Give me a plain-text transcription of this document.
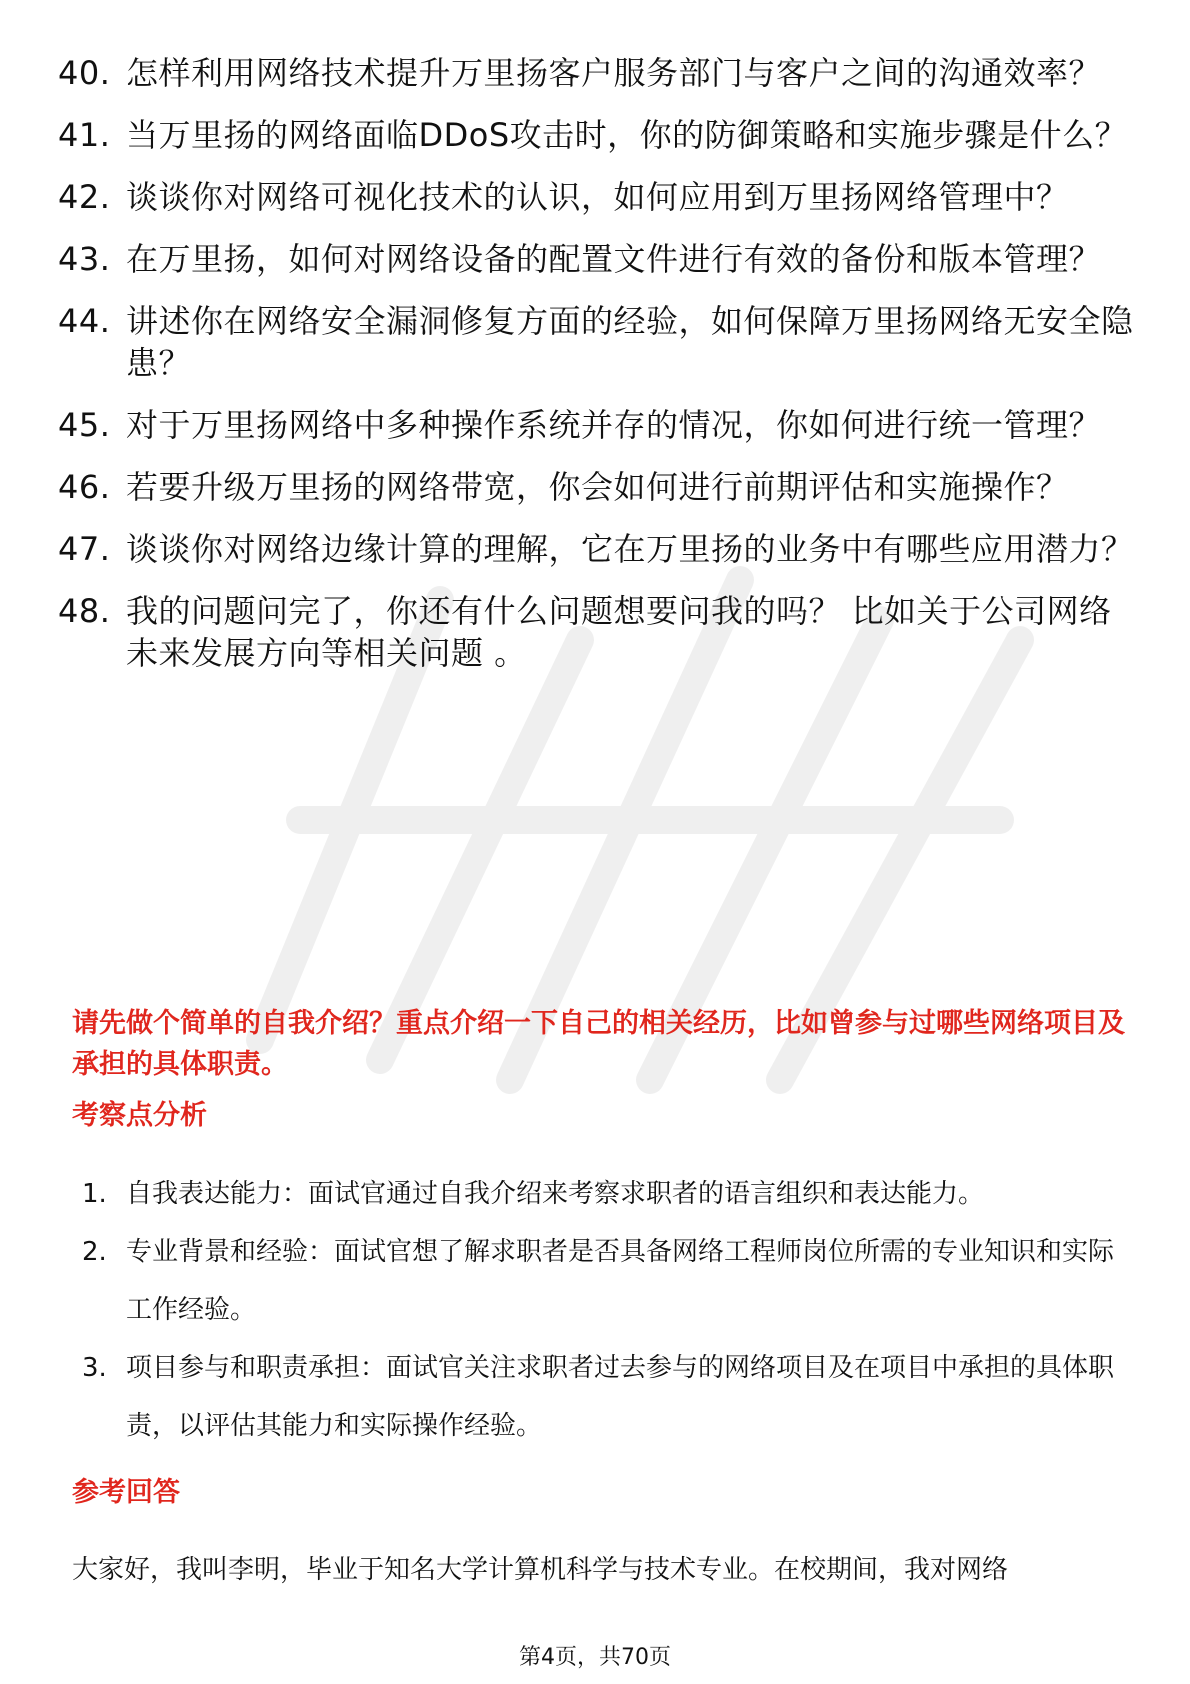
40. 怎样利用网络技术提升万里扬客户服务部门与客户之间的沟通效率？
41. 当万里扬的网络面临DDoS攻击时，你的防御策略和实施步骤是什么？
42. 谈谈你对网络可视化技术的认识，如何应用到万里扬网络管理中？
43. 在万里扬，如何对网络设备的配置文件进行有效的备份和版本管理？
44. 讲述你在网络安全漏洞修复方面的经验，如何保障万里扬网络无安全隐患？
45. 对于万里扬网络中多种操作系统并存的情况，你如何进行统一管理？
46. 若要升级万里扬的网络带宽，你会如何进行前期评估和实施操作？
47. 谈谈你对网络边缘计算的理解，它在万里扬的业务中有哪些应用潜力？
48. 我的问题问完了，你还有什么问题想要问我的吗？ 比如关于公司网络未来发展方向等相关问题 。
请先做个简单的自我介绍？重点介绍一下自己的相关经历，比如曾参与过哪些网络项目及承担的具体职责。
考察点分析
1. 自我表达能力：面试官通过自我介绍来考察求职者的语言组织和表达能力。
2. 专业背景和经验：面试官想了解求职者是否具备网络工程师岗位所需的专业知识和实际工作经验。
3. 项目参与和职责承担：面试官关注求职者过去参与的网络项目及在项目中承担的具体职责，以评估其能力和实际操作经验。
参考回答
大家好，我叫李明，毕业于知名大学计算机科学与技术专业。在校期间，我对网络
第4页，共70页
